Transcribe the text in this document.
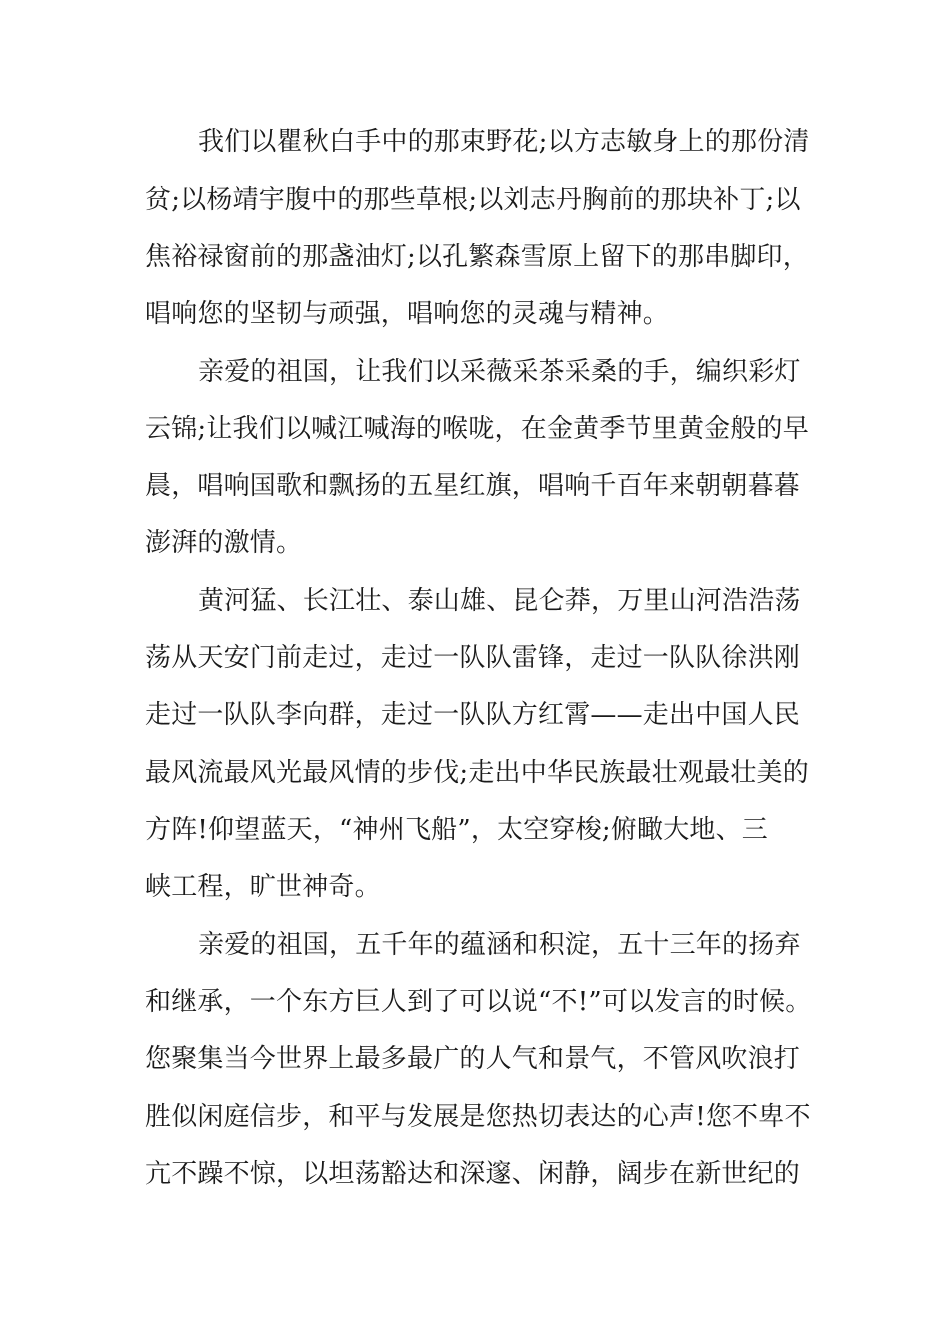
我们以瞿秋白手中的那束野花;以方志敏身上的那份清
贫;以杨靖宇腹中的那些草根;以刘志丹胸前的那块补丁;以
焦裕禄窗前的那盏油灯;以孔繁森雪原上留下的那串脚印，
唱响您的坚韧与顽强，唱响您的灵魂与精神。
亲爱的祖国，让我们以采薇采茶采桑的手，编织彩灯
云锦;让我们以喊江喊海的喉咙，在金黄季节里黄金般的早
晨，唱响国歌和飘扬的五星红旗，唱响千百年来朝朝暮暮
澎湃的激情。
黄河猛、长江壮、泰山雄、昆仑莽，万里山河浩浩荡
荡从天安门前走过，走过一队队雷锋，走过一队队徐洪刚
走过一队队李向群，走过一队队方红霄——走出中国人民
最风流最风光最风情的步伐;走出中华民族最壮观最壮美的
方阵!仰望蓝天，“神州飞船”，太空穿梭;俯瞰大地、三
峡工程，旷世神奇。
亲爱的祖国，五千年的蕴涵和积淀，五十三年的扬弃
和继承，一个东方巨人到了可以说“不!”可以发言的时候。
您聚集当今世界上最多最广的人气和景气，不管风吹浪打
胜似闲庭信步，和平与发展是您热切表达的心声!您不卑不
亢不躁不惊，以坦荡豁达和深邃、闲静，阔步在新世纪的
